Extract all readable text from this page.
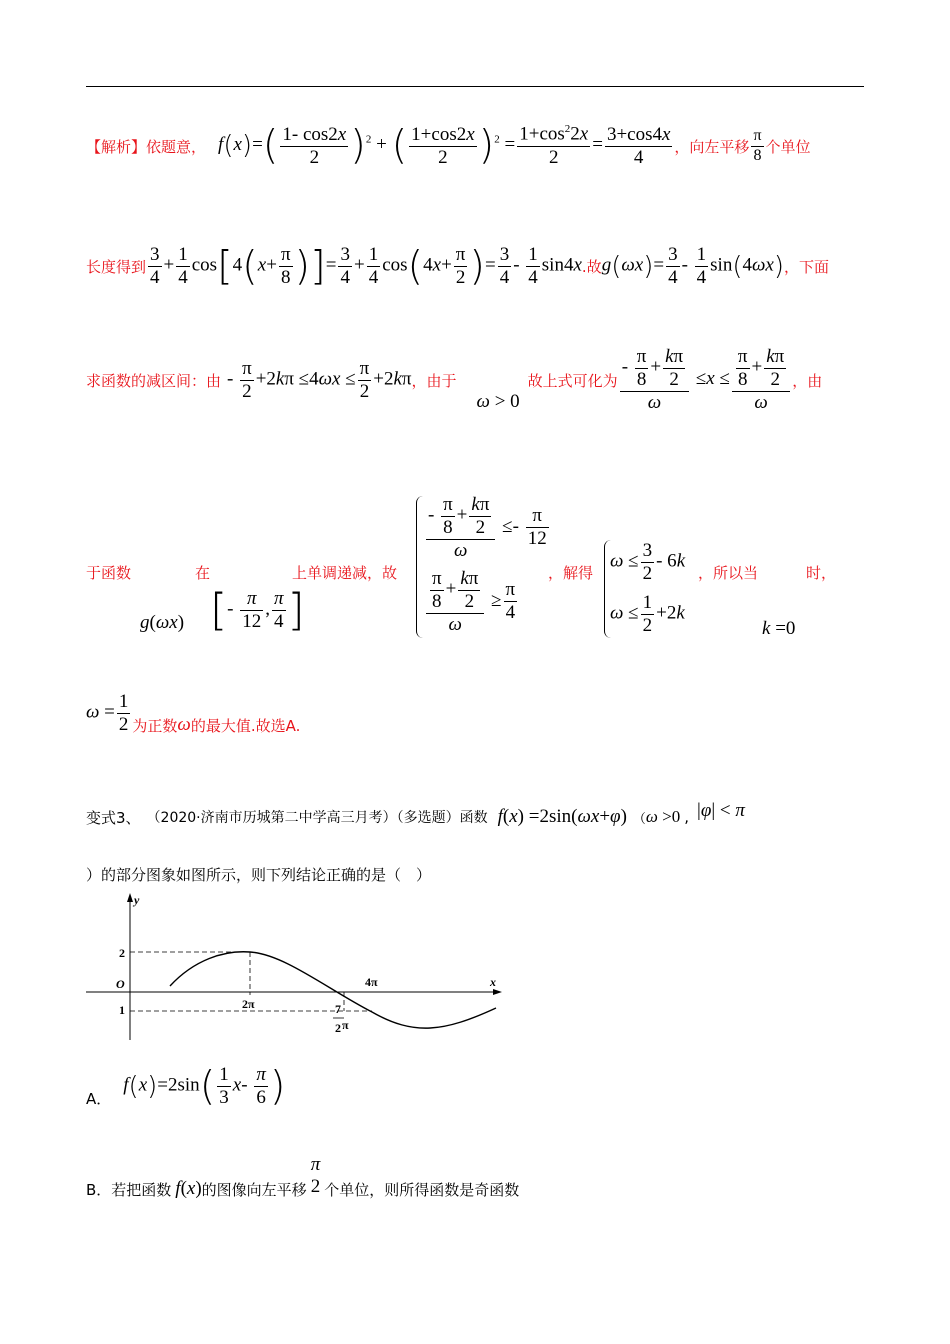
【解析】 依题意， $f(x)=( \frac{1- \cos 2x}{2} )^2$ + ( $\frac{1+\cos 2x}{2} )^2 = \frac{1+\cos^22x}{2} = \frac{3+\cos 4x}{4}$ ，向左平移 $\frac{\pi}{8}$ 个单位
长度得到 $\frac{3}{4} + \frac{1}{4} \cos[4(x+ \frac{\pi}{8}$ )]= $\frac{3}{4} + \frac{1}{4} \cos(4x+ \frac{\pi}{2}$ )= $\frac{3}{4} - \frac{1}{4} \sin 4x$ .故 $g(\omega x)= \frac{3}{4} - \frac{1}{4} \sin(4\omega x)$ ，下面
求函数的减区间：由 - $\frac{\pi}{2} +2k\pi \le 4\omega x \le \frac{\pi}{2} +2k\pi$ ，由于
ω > 0
故上式可化为 $\frac{- \frac{\pi}{8} + \frac{k\pi}{2}}{\omega} \le x \le \frac{\frac{\pi}{8} + \frac{k\pi}{2}}{\omega}$ ，由
于函数	在	上单调递减，故
g(ωx) [- $\frac{\pi}{12}$ , $\frac{\pi}{4}$ ]
$\frac{- \frac{\pi}{8} + \frac{k\pi}{2}}{\omega} \le- \frac{\pi}{12}$
$\frac{\frac{\pi}{8} + \frac{k\pi}{2}}{\omega} \ge \frac{\pi}{4}$
，解得
$\omega \le \frac{3}{2} - 6k$
$\omega \le \frac{1}{2} +2k$
，所以当	时，
k =0
$\omega = \frac{1}{2}$ 为正数 ω 的最大值.故选A.
变式3、 （2020·济南市历城第二中学高三月考）（多选题）函数 f(x) =2sin(ωx+φ) （ ω >0 , |φ| < π
）的部分图象如图所示，则下列结论正确的是（　）
y
x
O
2
1	2π
4π
7
2 π
A．
$f(x)=2\sin( \frac{1}{3} x- \frac{\pi}{6}$ )
B．若把函数 f(x) 的图像向左平移
π
2 个单位，则所得函数是奇函数
